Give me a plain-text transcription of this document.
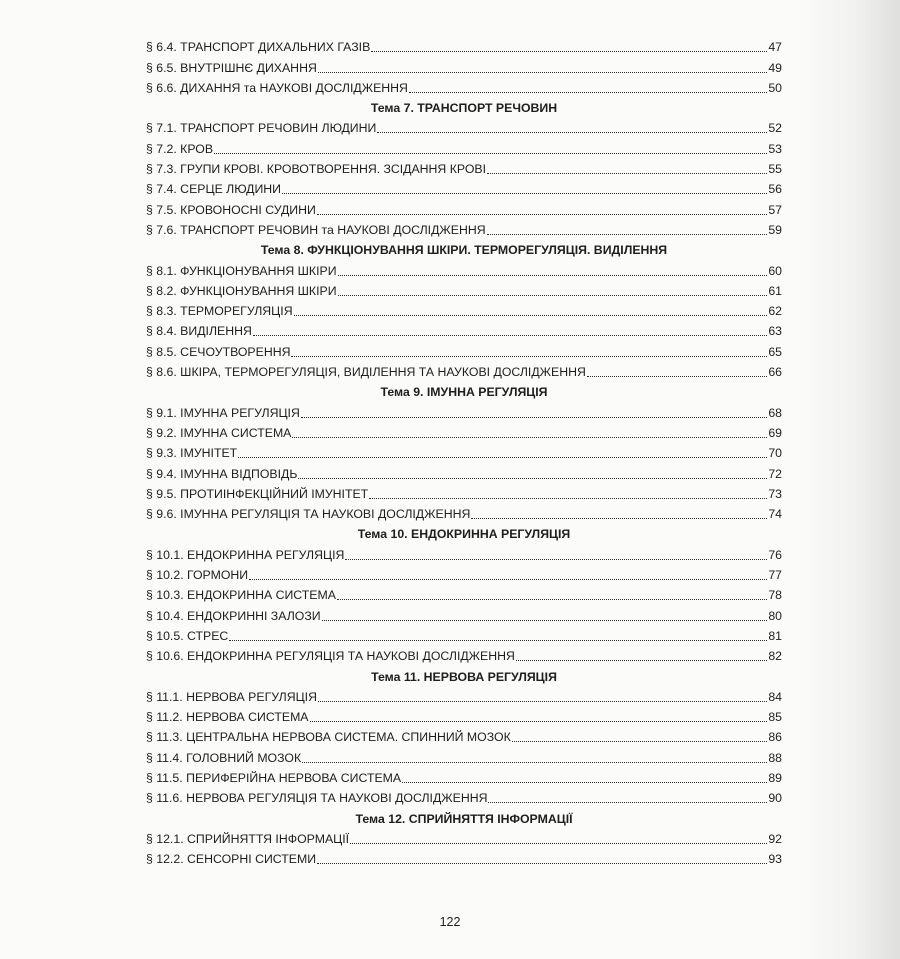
§ 6.4. ТРАНСПОРТ ДИХАЛЬНИХ ГАЗІВ	47
§ 6.5. ВНУТРІШНЄ ДИХАННЯ	49
§ 6.6. ДИХАННЯ та НАУКОВІ ДОСЛІДЖЕННЯ	50
Тема 7. ТРАНСПОРТ РЕЧОВИН
§ 7.1. ТРАНСПОРТ РЕЧОВИН ЛЮДИНИ	52
§ 7.2. КРОВ	53
§ 7.3. ГРУПИ КРОВІ. КРОВОТВОРЕННЯ. ЗСІДАННЯ КРОВІ	55
§ 7.4. СЕРЦЕ ЛЮДИНИ	56
§ 7.5. КРОВОНОСНІ СУДИНИ	57
§ 7.6. ТРАНСПОРТ РЕЧОВИН та НАУКОВІ ДОСЛІДЖЕННЯ	59
Тема 8. ФУНКЦІОНУВАННЯ ШКІРИ. ТЕРМОРЕГУЛЯЦІЯ. ВИДІЛЕННЯ
§ 8.1. ФУНКЦІОНУВАННЯ ШКІРИ	60
§ 8.2. ФУНКЦІОНУВАННЯ ШКІРИ	61
§ 8.3. ТЕРМОРЕГУЛЯЦІЯ	62
§ 8.4. ВИДІЛЕННЯ	63
§ 8.5. СЕЧОУТВОРЕННЯ	65
§ 8.6. ШКІРА, ТЕРМОРЕГУЛЯЦІЯ, ВИДІЛЕННЯ ТА НАУКОВІ ДОСЛІДЖЕННЯ	66
Тема 9. ІМУННА РЕГУЛЯЦІЯ
§ 9.1. ІМУННА РЕГУЛЯЦІЯ	68
§ 9.2. ІМУННА СИСТЕМА	69
§ 9.3. ІМУНІТЕТ	70
§ 9.4. ІМУННА ВІДПОВІДЬ	72
§ 9.5. ПРОТИІНФЕКЦІЙНИЙ ІМУНІТЕТ	73
§ 9.6. ІМУННА РЕГУЛЯЦІЯ ТА НАУКОВІ ДОСЛІДЖЕННЯ	74
Тема 10. ЕНДОКРИННА РЕГУЛЯЦІЯ
§ 10.1. ЕНДОКРИННА РЕГУЛЯЦІЯ	76
§ 10.2. ГОРМОНИ	77
§ 10.3. ЕНДОКРИННА СИСТЕМА	78
§ 10.4. ЕНДОКРИННІ ЗАЛОЗИ	80
§ 10.5. СТРЕС	81
§ 10.6. ЕНДОКРИННА РЕГУЛЯЦІЯ ТА НАУКОВІ ДОСЛІДЖЕННЯ	82
Тема 11. НЕРВОВА РЕГУЛЯЦІЯ
§ 11.1. НЕРВОВА РЕГУЛЯЦІЯ	84
§ 11.2. НЕРВОВА СИСТЕМА	85
§ 11.3. ЦЕНТРАЛЬНА НЕРВОВА СИСТЕМА. СПИННИЙ МОЗОК	86
§ 11.4. ГОЛОВНИЙ МОЗОК	88
§ 11.5. ПЕРИФЕРІЙНА НЕРВОВА СИСТЕМА	89
§ 11.6. НЕРВОВА РЕГУЛЯЦІЯ ТА НАУКОВІ ДОСЛІДЖЕННЯ	90
Тема 12. СПРИЙНЯТТЯ ІНФОРМАЦІЇ
§ 12.1. СПРИЙНЯТТЯ ІНФОРМАЦІЇ	92
§ 12.2. СЕНСОРНІ СИСТЕМИ	93
122
